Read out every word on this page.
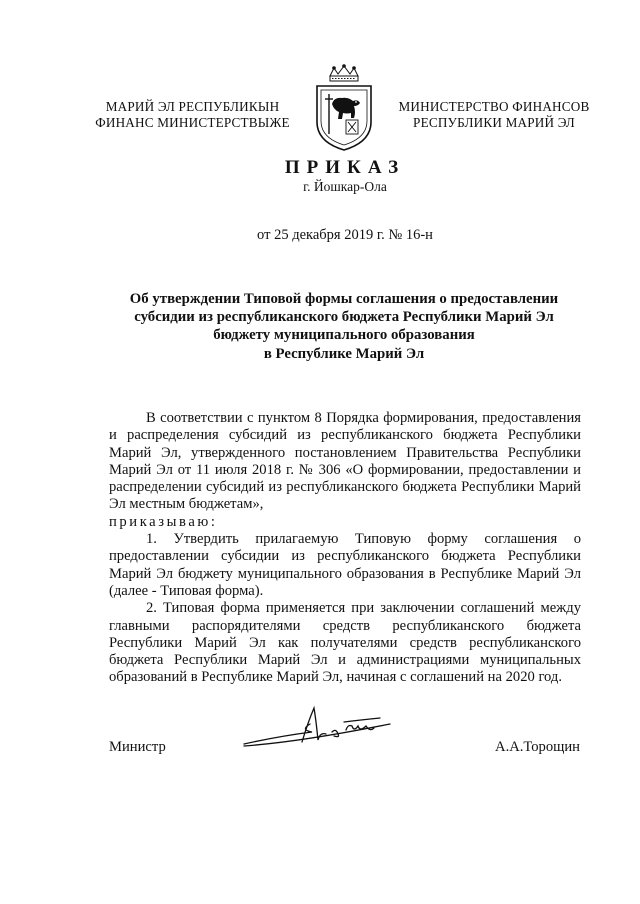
МАРИЙ ЭЛ РЕСПУБЛИКЫН
ФИНАНС МИНИСТЕРСТВЫЖЕ
МИНИСТЕРСТВО ФИНАНСОВ
РЕСПУБЛИКИ МАРИЙ ЭЛ
ПРИКАЗ
г. Йошкар-Ола
от 25 декабря 2019 г. № 16-н
Об утверждении Типовой формы соглашения о предоставлении
субсидии из республиканского бюджета Республики Марий Эл
бюджету муниципального образования
в Республике Марий Эл

В соответствии с пунктом 8 Порядка формирования, предоставления и распределения субсидий из республиканского бюджета Республики Марий Эл, утвержденного постановлением Правительства Республики Марий Эл от 11 июля 2018 г. № 306 «О формировании, предоставлении и распределении субсидий из республиканского бюджета Республики Марий Эл местным бюджетам»,

приказываю:

1. Утвердить прилагаемую Типовую форму соглашения о предоставлении субсидии из республиканского бюджета Республики Марий Эл бюджету муниципального образования в Республике Марий Эл (далее - Типовая форма).

2. Типовая форма применяется при заключении соглашений между главными распорядителями средств республиканского бюджета Республики Марий Эл как получателями средств республиканского бюджета Республики Марий Эл и администрациями муниципальных образований в Республике Марий Эл, начиная с соглашений на 2020 год.

Министр	А.А.Торощин
